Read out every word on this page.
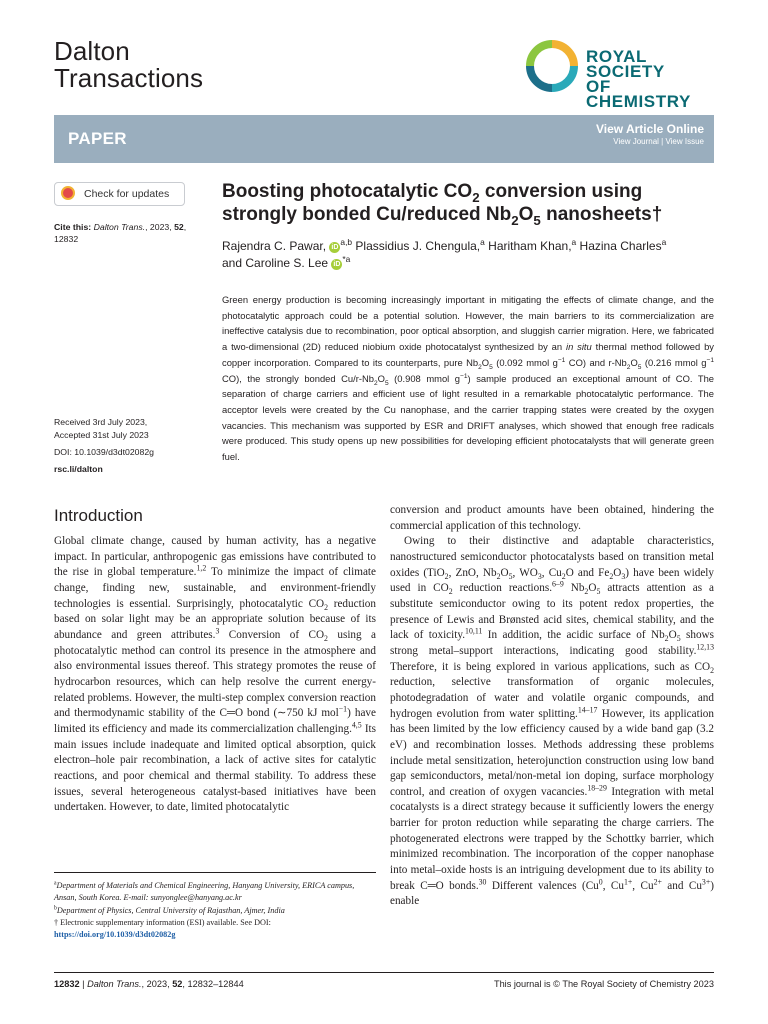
Dalton
Transactions
ROYAL SOCIETY
OF CHEMISTRY
PAPER	View Article Online
View Journal | View Issue
Check for updates
Cite this: Dalton Trans., 2023, 52,
12832
Received 3rd July 2023,
Accepted 31st July 2023
DOI: 10.1039/d3dt02082g
rsc.li/dalton
Boosting photocatalytic $CO_2$ conversion using strongly bonded Cu/reduced $Nb_2O_5$ nanosheets†
Rajendra C. Pawar, iD$^{a,b}$ Plassidius J. Chengula,$^a$ Haritham Khan,$^a$ Hazina Charles$^a$
and Caroline S. Lee $iD^{*a}$
Green energy production is becoming increasingly important in mitigating the effects of climate change, and the photocatalytic approach could be a potential solution. However, the main barriers to its commercialization are ineffective catalysis due to recombination, poor optical absorption, and sluggish carrier migration. Here, we fabricated a two-dimensional (2D) reduced niobium oxide photocatalyst synthesized by an in situ thermal method followed by copper incorporation. Compared to its counterparts, pure $Nb_2O_5$ (0.092 mmol $g^{-1}$ CO) and $r-Nb_2O_5$ (0.216 mmol $g^{-1}$ CO), the strongly bonded $Cu/r-Nb_2O_5$ (0.908 mmol $g^{-1}$) sample produced an exceptional amount of CO. The separation of charge carriers and efficient use of light resulted in a remarkable photocatalytic performance. The acceptor levels were created by the Cu nanophase, and the carrier trapping states were created by the oxygen vacancies. This mechanism was supported by ESR and DRIFT analyses, which showed that enough free radicals were produced. This study opens up new possibilities for developing efficient photocatalysts that will generate green fuel.
Introduction

Global climate change, caused by human activity, has a negative impact. In particular, anthropogenic gas emissions have contributed to the rise in global temperature.$^{1,2}$ To minimize the impact of climate change, finding new, sustainable, and environment-friendly technologies is essential. Surprisingly, photocatalytic $CO_2$ reduction based on solar light may be an appropriate solution because of its abundance and green attributes.$^3$ Conversion of $CO_2$ using a photocatalytic method can control its presence in the atmosphere and also environmental issues thereof. This strategy promotes the reuse of hydrocarbon resources, which can help resolve the current energy-related problems. However, the multi-step complex conversion reaction and thermodynamic stability of the C═O bond (∼750 kJ mol$^{-1}$) have limited its efficiency and made its commercialization challenging.$^{4,5}$ Its main issues include inadequate and limited optical absorption, quick electron–hole pair recombination, a lack of active sites for catalytic reactions, and poor chemical and thermal stability. To address these issues, several heterogeneous catalyst-based initiatives have been undertaken. However, to date, limited photocatalytic

conversion and product amounts have been obtained, hindering the commercial application of this technology.

Owing to their distinctive and adaptable characteristics, nanostructured semiconductor photocatalysts based on transition metal oxides (TiO$_2$, ZnO, $Nb_2O_5$, $WO_3$, $Cu_2O$ and $Fe_2O_3$) have been widely used in $CO_2$ reduction reactions.$^{6-9}$ $Nb_2O_5$ attracts attention as a substitute semiconductor owing to its potent redox properties, the presence of Lewis and Brønsted acid sites, chemical stability, and the lack of toxicity.$^{10,11}$ In addition, the acidic surface of $Nb_2O_5$ shows strong metal–support interactions, indicating good stability.$^{12,13}$ Therefore, it is being explored in various applications, such as $CO_2$ reduction, selective transformation of organic molecules, photodegradation of water and volatile organic compounds, and hydrogen evolution from water splitting.$^{14-17}$ However, its application has been limited by the low efficiency caused by a wide band gap (3.2 eV) and recombination losses. Methods addressing these problems include metal sensitization, heterojunction construction using low band gap semiconductors, metal/non-metal ion doping, surface morphology control, and creation of oxygen vacancies.$^{18-29}$ Integration with metal cocatalysts is a direct strategy because it sufficiently lowers the energy barrier for proton reduction while separating the charge carriers. The photogenerated electrons were trapped by the Schottky barrier, which minimized recombination. The incorporation of the copper nanophase into metal–oxide hosts is an intriguing development due to its ability to break C═O bonds.$^{30}$ Different valences (Cu$^0$, $Cu^{1+}$, $Cu^{2+}$ and $Cu^{3+}$) enable

$^a$Department of Materials and Chemical Engineering, Hanyang University, ERICA campus, Ansan, South Korea. E-mail: sunyonglee@hanyang.ac.kr
$^b$Department of Physics, Central University of Rajasthan, Ajmer, India
† Electronic supplementary information (ESI) available. See DOI: https://doi.org/10.1039/d3dt02082g
12832 | Dalton Trans., 2023, 52, 12832–12844	This journal is © The Royal Society of Chemistry 2023
